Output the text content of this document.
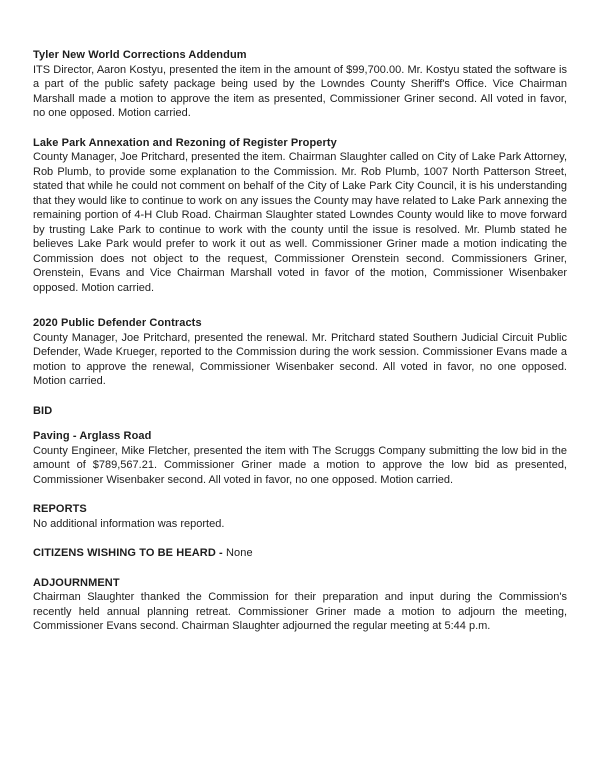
Tyler New World Corrections Addendum

ITS Director, Aaron Kostyu, presented the item in the amount of $99,700.00. Mr. Kostyu stated the software is a part of the public safety package being used by the Lowndes County Sheriff's Office. Vice Chairman Marshall made a motion to approve the item as presented, Commissioner Griner second. All voted in favor, no one opposed. Motion carried.

Lake Park Annexation and Rezoning of Register Property

County Manager, Joe Pritchard, presented the item. Chairman Slaughter called on City of Lake Park Attorney, Rob Plumb, to provide some explanation to the Commission. Mr. Rob Plumb, 1007 North Patterson Street, stated that while he could not comment on behalf of the City of Lake Park City Council, it is his understanding that they would like to continue to work on any issues the County may have related to Lake Park annexing the remaining portion of 4-H Club Road. Chairman Slaughter stated Lowndes County would like to move forward by trusting Lake Park to continue to work with the county until the issue is resolved. Mr. Plumb stated he believes Lake Park would prefer to work it out as well. Commissioner Griner made a motion indicating the Commission does not object to the request, Commissioner Orenstein second. Commissioners Griner, Orenstein, Evans and Vice Chairman Marshall voted in favor of the motion, Commissioner Wisenbaker opposed. Motion carried.

2020 Public Defender Contracts

County Manager, Joe Pritchard, presented the renewal. Mr. Pritchard stated Southern Judicial Circuit Public Defender, Wade Krueger, reported to the Commission during the work session. Commissioner Evans made a motion to approve the renewal, Commissioner Wisenbaker second. All voted in favor, no one opposed. Motion carried.

BID
Paving - Arglass Road

County Engineer, Mike Fletcher, presented the item with The Scruggs Company submitting the low bid in the amount of $789,567.21. Commissioner Griner made a motion to approve the low bid as presented, Commissioner Wisenbaker second. All voted in favor, no one opposed. Motion carried.

REPORTS

No additional information was reported.

CITIZENS WISHING TO BE HEARD - None
ADJOURNMENT

Chairman Slaughter thanked the Commission for their preparation and input during the Commission's recently held annual planning retreat. Commissioner Griner made a motion to adjourn the meeting, Commissioner Evans second. Chairman Slaughter adjourned the regular meeting at 5:44 p.m.
